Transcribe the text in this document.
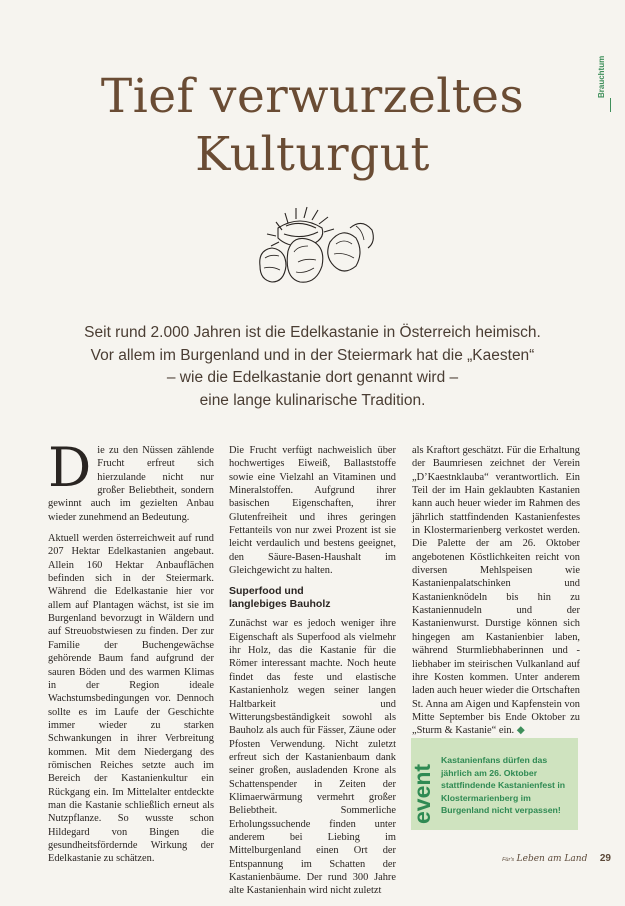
Brauchtum
Tief verwurzeltes
Kulturgut
Seit rund 2.000 Jahren ist die Edelkastanie in Österreich heimisch.
Vor allem im Burgenland und in der Steiermark hat die „Kaesten“
– wie die Edelkastanie dort genannt wird –
eine lange kulinarische Tradition.

Die zu den Nüssen zählende Frucht erfreut sich hierzulande nicht nur großer Beliebtheit, sondern gewinnt auch im gezielten Anbau wieder zunehmend an Bedeutung.

Aktuell werden österreichweit auf rund 207 Hektar Edelkastanien angebaut. Allein 160 Hektar Anbauflächen befinden sich in der Steiermark. Während die Edelkastanie hier vor allem auf Plantagen wächst, ist sie im Burgenland bevorzugt in Wäldern und auf Streuobstwiesen zu finden. Der zur Familie der Buchengewächse gehörende Baum fand aufgrund der sauren Böden und des warmen Klimas in der Region ideale Wachstumsbedingungen vor. Dennoch sollte es im Laufe der Geschichte immer wieder zu starken Schwankungen in ihrer Verbreitung kommen. Mit dem Niedergang des römischen Reiches setzte auch im Bereich der Kastanienkultur ein Rückgang ein. Im Mittelalter entdeckte man die Kastanie schließlich erneut als Nutzpflanze. So wusste schon Hildegard von Bingen die gesundheitsfördernde Wirkung der Edelkastanie zu schätzen.

Die Frucht verfügt nachweislich über hochwertiges Eiweiß, Ballaststoffe sowie eine Vielzahl an Vitaminen und Mineralstoffen. Aufgrund ihrer basischen Eigenschaften, ihrer Glutenfreiheit und ihres geringen Fettanteils von nur zwei Prozent ist sie leicht verdaulich und bestens geeignet, den Säure-Basen-Haushalt im Gleichgewicht zu halten.

Superfood und
langlebiges Bauholz

Zunächst war es jedoch weniger ihre Eigenschaft als Superfood als vielmehr ihr Holz, das die Kastanie für die Römer interessant machte. Noch heute findet das feste und elastische Kastanienholz wegen seiner langen Haltbarkeit und Witterungsbeständigkeit sowohl als Bauholz als auch für Fässer, Zäune oder Pfosten Verwendung. Nicht zuletzt erfreut sich der Kastanienbaum dank seiner großen, ausladenden Krone als Schattenspender in Zeiten der Klimaerwärmung vermehrt großer Beliebtheit. Sommerliche Erholungssuchende finden unter anderem bei Liebing im Mittelburgenland einen Ort der Entspannung im Schatten der Kastanienbäume. Der rund 300 Jahre alte Kastanienhain wird nicht zuletzt

als Kraftort geschätzt. Für die Erhaltung der Baumriesen zeichnet der Verein „D’Kaestnklauba“ verantwortlich. Ein Teil der im Hain geklaubten Kastanien kann auch heuer wieder im Rahmen des jährlich stattfindenden Kastanienfestes in Klostermarienberg verkostet werden. Die Palette der am 26. Oktober angebotenen Köstlichkeiten reicht von diversen Mehlspeisen wie Kastanienpalatschinken und Kastanienknödeln bis hin zu Kastaniennudeln und der Kastanienwurst. Durstige können sich hingegen am Kastanienbier laben, während Sturmliebhaberinnen und -liebhaber im steirischen Vulkanland auf ihre Kosten kommen. Unter anderem laden auch heuer wieder die Ortschaften St. Anna am Aigen und Kapfenstein von Mitte September bis Ende Oktober zu „Sturm & Kastanie“ ein. ◆

event
Kastanienfans dürfen das jährlich am 26. Oktober stattfindende Kastanienfest in Klostermarienberg im Burgenland nicht verpassen!
Für's Leben am Land 29
